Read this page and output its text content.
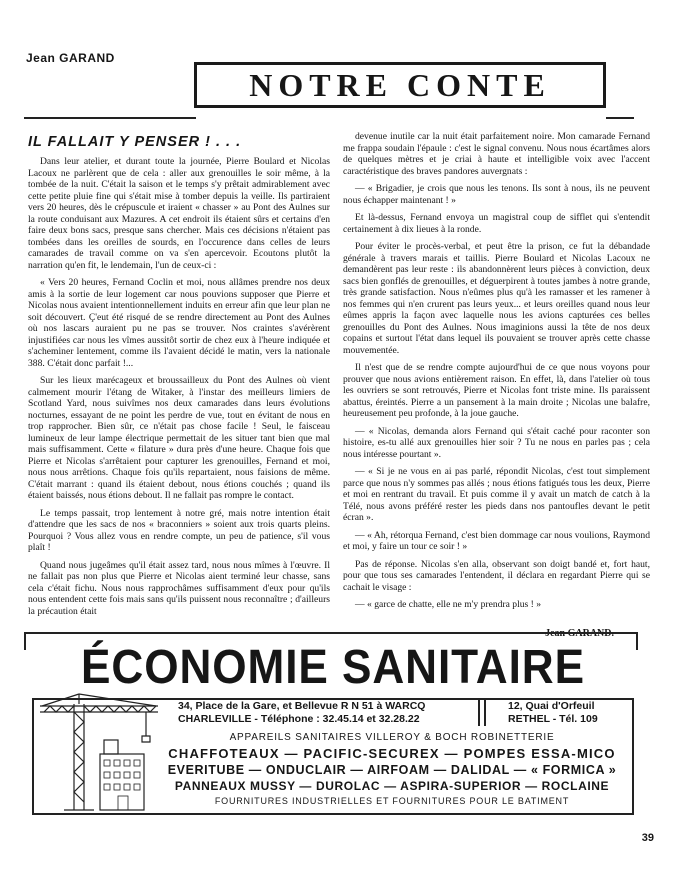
Jean GARAND
NOTRE CONTE
IL FALLAIT Y PENSER ! . . .

Dans leur atelier, et durant toute la journée, Pierre Boulard et Nicolas Lacoux ne parlèrent que de cela : aller aux grenouilles le soir même, à la tombée de la nuit. C'était la saison et le temps s'y prêtait admirablement avec cette petite pluie fine qui s'était mise à tomber depuis la veille. Ils partiraient vers 20 heures, dès le crépuscule et iraient « chasser » au Pont des Aulnes sur la route conduisant aux Mazures. A cet endroit ils étaient sûrs et certains d'en faire deux bons sacs, presque sans chercher. Mais ces décisions n'étaient pas tombées dans les oreilles de sourds, en l'occurence dans celles de leurs camarades de travail comme on va s'en apercevoir. Ecoutons plutôt la narration qu'en fit, le lendemain, l'un de ceux-ci :

« Vers 20 heures, Fernand Coclin et moi, nous allâmes prendre nos deux amis à la sortie de leur logement car nous pouvions supposer que Pierre et Nicolas nous avaient intentionnellement induits en erreur afin que leur plan ne soit découvert. Ç'eut été risqué de se rendre directement au Pont des Aulnes où nos lascars auraient pu ne pas se trouver. Nos craintes s'avérèrent injustifiées car nous les vîmes aussitôt sortir de chez eux à l'heure indiquée et s'acheminer lentement, comme ils l'avaient décidé le matin, vers la nationale 388. C'était donc parfait !...

Sur les lieux marécageux et broussailleux du Pont des Aulnes où vient calmement mourir l'étang de Witaker, à l'instar des meilleurs limiers de Scotland Yard, nous suivîmes nos deux camarades dans leurs évolutions nocturnes, essayant de ne point les perdre de vue, tout en évitant de nous en trop rapprocher. Bien sûr, ce n'était pas chose facile ! Seul, le faisceau lumineux de leur lampe électrique permettait de les situer tant bien que mal mais suffisamment. Cette « filature » dura près d'une heure. Chaque fois que Pierre et Nicolas s'arrêtaient pour capturer les grenouilles, Fernand et moi, nous nous arrêtions. Chaque fois qu'ils repartaient, nous faisions de même. C'était marrant : quand ils étaient debout, nous étions couchés ; quand ils étaient baissés, nous étions debout. Il ne fallait pas rompre le contact.

Le temps passait, trop lentement à notre gré, mais notre intention était d'attendre que les sacs de nos « braconniers » soient aux trois quarts pleins. Pourquoi ? Vous allez vous en rendre compte, un peu de patience, s'il vous plaît !

Quand nous jugeâmes qu'il était assez tard, nous nous mîmes à l'œuvre. Il ne fallait pas non plus que Pierre et Nicolas aient terminé leur chasse, sans cela c'était fichu. Nous nous rapprochâmes suffisamment d'eux pour qu'ils nous entendent cette fois mais sans qu'ils puissent nous reconnaître ; d'ailleurs la précaution était

devenue inutile car la nuit était parfaitement noire. Mon camarade Fernand me frappa soudain l'épaule : c'est le signal convenu. Nous nous écartâmes alors de quelques mètres et je criai à haute et intelligible voix avec l'accent caractéristique des braves pandores auvergnats :

— « Brigadier, je crois que nous les tenons. Ils sont à nous, ils ne peuvent nous échapper maintenant ! »

Et là-dessus, Fernand envoya un magistral coup de sifflet qui s'entendit certainement à dix lieues à la ronde.

Pour éviter le procès-verbal, et peut être la prison, ce fut la débandade générale à travers marais et taillis. Pierre Boulard et Nicolas Lacoux ne demandèrent pas leur reste : ils abandonnèrent leurs pièces à conviction, deux sacs bien gonflés de grenouilles, et déguerpirent à toutes jambes à notre grande, très grande satisfaction. Nous n'eûmes plus qu'à les ramasser et les ramener à nos femmes qui n'en crurent pas leurs yeux... et leurs oreilles quand nous leur eûmes appris la façon avec laquelle nous les avions capturées ces belles grenouilles du Pont des Aulnes. Nous imaginions aussi la tête de nos deux copains et surtout l'état dans lequel ils pouvaient se trouver après cette chasse mouvementée.

Il n'est que de se rendre compte aujourd'hui de ce que nous voyons pour prouver que nous avions entièrement raison. En effet, là, dans l'atelier où tous les ouvriers se sont retrouvés, Pierre et Nicolas font triste mine. Ils paraissent abattus, éreintés. Pierre a un pansement à la main droite ; Nicolas une balafre, heureusement peu profonde, à la joue gauche.

— « Nicolas, demanda alors Fernand qui s'était caché pour raconter son histoire, es-tu allé aux grenouilles hier soir ? Tu ne nous en parles pas ; cela nous intéresse pourtant ».

— « Si je ne vous en ai pas parlé, répondit Nicolas, c'est tout simplement parce que nous n'y sommes pas allés ; nous étions fatigués tous les deux, Pierre et moi en rentrant du travail. Et puis comme il y avait un match de catch à la Télé, nous avons préféré rester les pieds dans nos pantoufles devant le petit écran ».

— « Ah, rétorqua Fernand, c'est bien dommage car nous voulions, Raymond et moi, y faire un tour ce soir ! »

Pas de réponse. Nicolas s'en alla, observant son doigt bandé et, fort haut, pour que tous ses camarades l'entendent, il déclara en regardant Pierre qui se cachait le visage :

— « garce de chatte, elle ne m'y prendra plus ! »

ÉCONOMIE SANITAIRE
34, Place de la Gare, et Bellevue R N 51 à WARCQ
CHARLEVILLE - Téléphone : 32.45.14 et 32.28.22
12, Quai d'Orfeuil
RETHEL - Tél. 109
APPAREILS SANITAIRES VILLEROY & BOCH ROBINETTERIE
CHAFFOTEAUX — PACIFIC-SECUREX — POMPES ESSA-MICO
EVERITUBE — ONDUCLAIR — AIRFOAM — DALIDAL — « FORMICA »
PANNEAUX MUSSY — DUROLAC — ASPIRA-SUPERIOR — ROCLAINE
FOURNITURES INDUSTRIELLES ET FOURNITURES POUR LE BATIMENT
39
